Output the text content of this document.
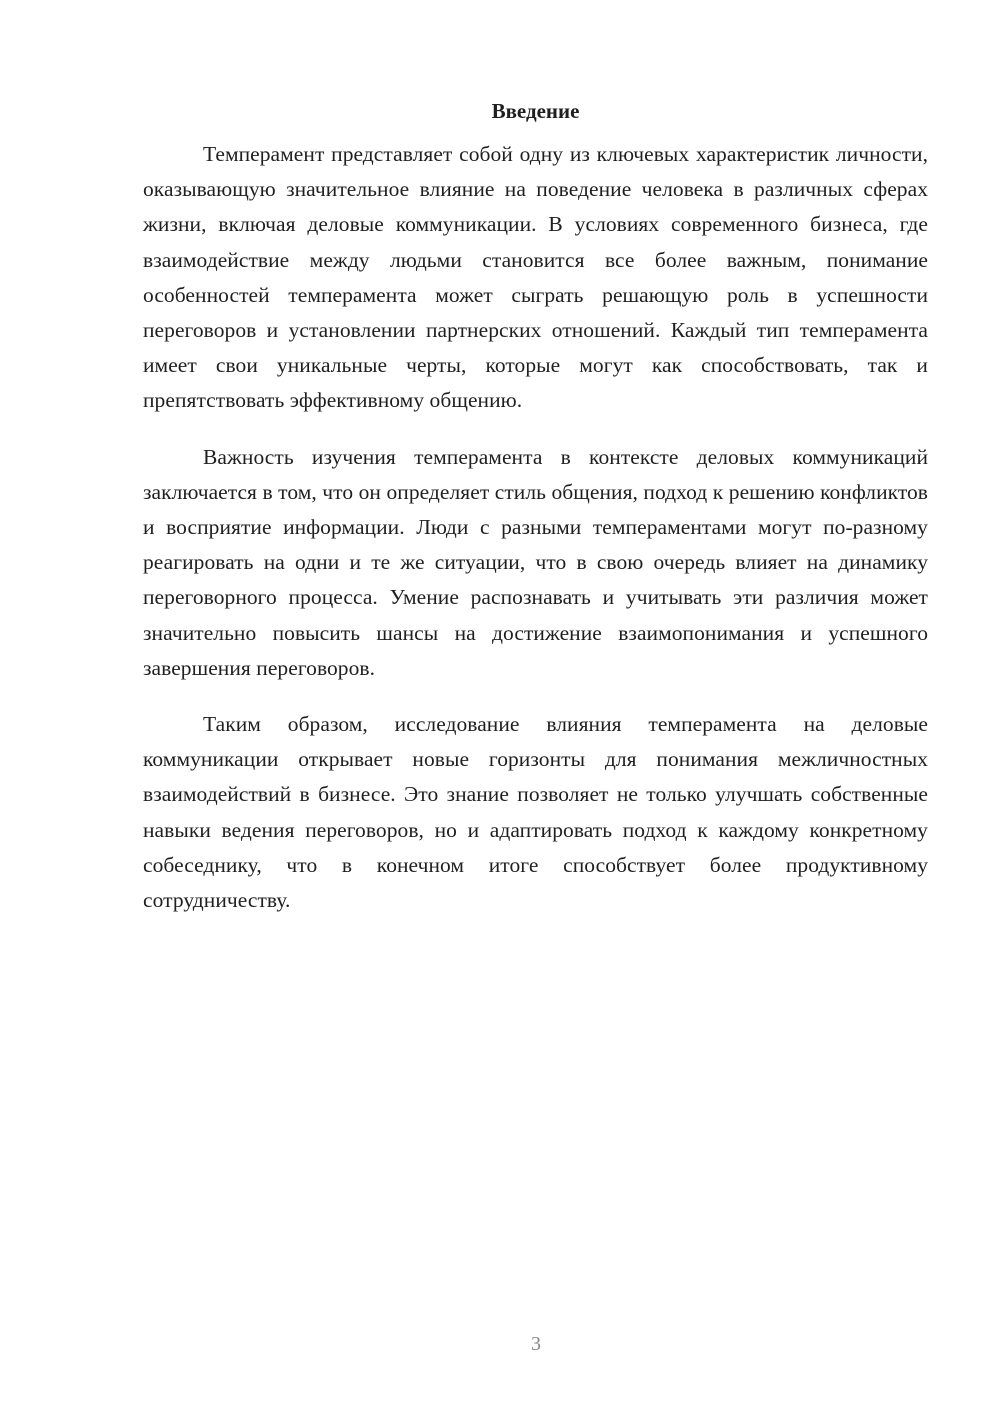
Введение

Темперамент представляет собой одну из ключевых характеристик личности, оказывающую значительное влияние на поведение человека в различных сферах жизни, включая деловые коммуникации. В условиях современного бизнеса, где взаимодействие между людьми становится все более важным, понимание особенностей темперамента может сыграть решающую роль в успешности переговоров и установлении партнерских отношений. Каждый тип темперамента имеет свои уникальные черты, которые могут как способствовать, так и препятствовать эффективному общению.

Важность изучения темперамента в контексте деловых коммуникаций заключается в том, что он определяет стиль общения, подход к решению конфликтов и восприятие информации. Люди с разными темпераментами могут по-разному реагировать на одни и те же ситуации, что в свою очередь влияет на динамику переговорного процесса. Умение распознавать и учитывать эти различия может значительно повысить шансы на достижение взаимопонимания и успешного завершения переговоров.

Таким образом, исследование влияния темперамента на деловые коммуникации открывает новые горизонты для понимания межличностных взаимодействий в бизнесе. Это знание позволяет не только улучшать собственные навыки ведения переговоров, но и адаптировать подход к каждому конкретному собеседнику, что в конечном итоге способствует более продуктивному сотрудничеству.

3
